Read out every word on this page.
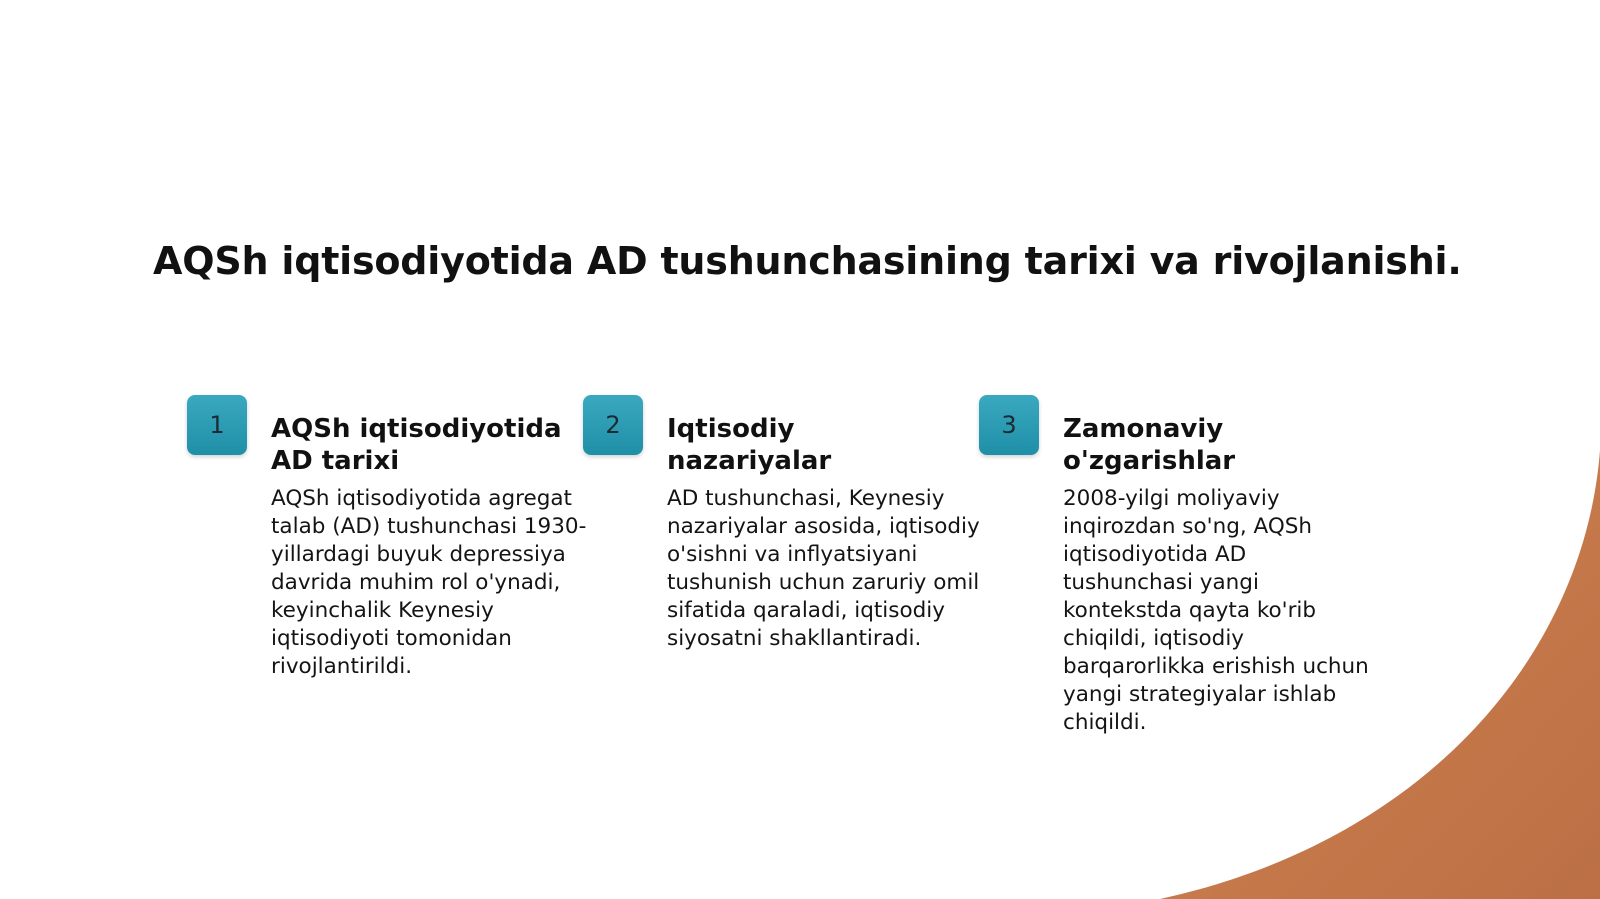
AQSh iqtisodiyotida AD tushunchasining tarixi va rivojlanishi.
1	AQSh iqtisodiyotida AD tarixi
AQSh iqtisodiyotida agregat talab (AD) tushunchasi 1930-yillardagi buyuk depressiya davrida muhim rol o'ynadi, keyinchalik Keynesiy iqtisodiyoti tomonidan rivojlantirildi.
2	Iqtisodiy nazariyalar
AD tushunchasi, Keynesiy nazariyalar asosida, iqtisodiy o'sishni va inflyatsiyani tushunish uchun zaruriy omil sifatida qaraladi, iqtisodiy siyosatni shakllantiradi.
3	Zamonaviy o'zgarishlar
2008-yilgi moliyaviy inqirozdan so'ng, AQSh iqtisodiyotida AD tushunchasi yangi kontekstda qayta ko'rib chiqildi, iqtisodiy barqarorlikka erishish uchun yangi strategiyalar ishlab chiqildi.
